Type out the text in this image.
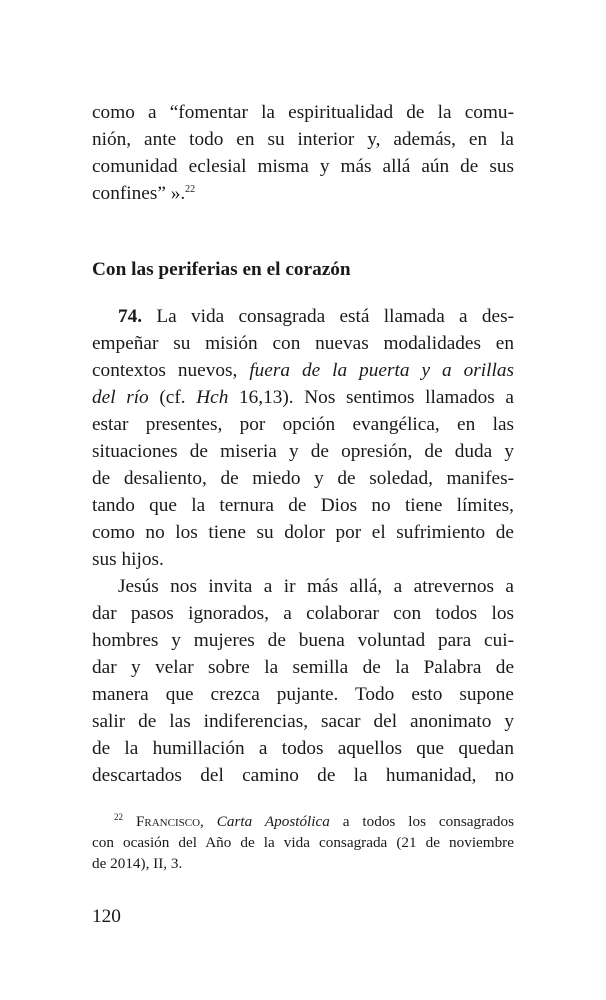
como a “fomentar la espiritualidad de la comu-
nión, ante todo en su interior y, además, en la
comunidad eclesial misma y más allá aún de sus
confines” ».$^{22}$
Con las periferias en el corazón
74. La vida consagrada está llamada a des-
empeñar su misión con nuevas modalidades en
contextos nuevos, fuera de la puerta y a orillas
del río (cf. Hch 16,13). Nos sentimos llamados a
estar presentes, por opción evangélica, en las
situaciones de miseria y de opresión, de duda y
de desaliento, de miedo y de soledad, manifes-
tando que la ternura de Dios no tiene límites,
como no los tiene su dolor por el sufrimiento de
sus hijos.
Jesús nos invita a ir más allá, a atrevernos a
dar pasos ignorados, a colaborar con todos los
hombres y mujeres de buena voluntad para cui-
dar y velar sobre la semilla de la Palabra de
manera que crezca pujante. Todo esto supone
salir de las indiferencias, sacar del anonimato y
de la humillación a todos aquellos que quedan
descartados del camino de la humanidad, no
$^{22}$ Francisco, Carta Apostólica a todos los consagrados
con ocasión del Año de la vida consagrada (21 de noviembre
de 2014), II, 3.
120
